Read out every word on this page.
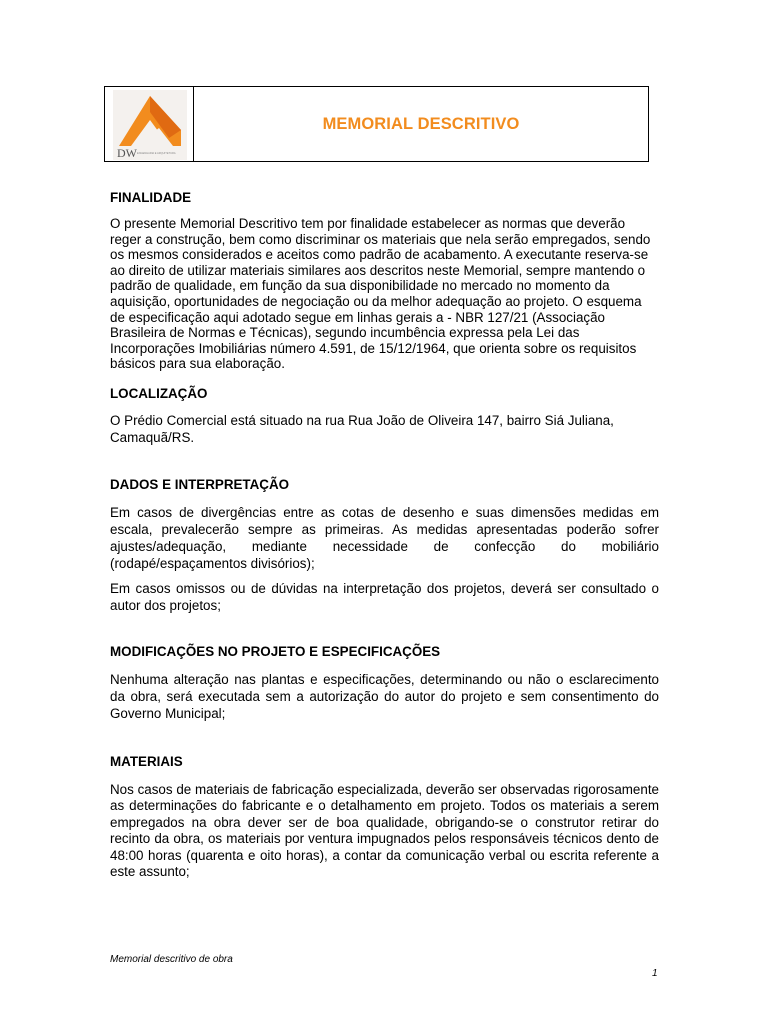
DW ENGENHARIA E ARQUITETURA
MEMORIAL DESCRITIVO
FINALIDADE

O presente Memorial Descritivo tem por finalidade estabelecer as normas que deverão reger a construção, bem como discriminar os materiais que nela serão empregados, sendo os mesmos considerados e aceitos como padrão de acabamento. A executante reserva-se ao direito de utilizar materiais similares aos descritos neste Memorial, sempre mantendo o padrão de qualidade, em função da sua disponibilidade no mercado no momento da aquisição, oportunidades de negociação ou da melhor adequação ao projeto. O esquema de especificação aqui adotado segue em linhas gerais a - NBR 127/21 (Associação Brasileira de Normas e Técnicas), segundo incumbência expressa pela Lei das Incorporações Imobiliárias número 4.591, de 15/12/1964, que orienta sobre os requisitos básicos para sua elaboração.

LOCALIZAÇÃO

O Prédio Comercial está situado na rua Rua João de Oliveira 147, bairro Siá Juliana, Camaquã/RS.

DADOS E INTERPRETAÇÃO

Em casos de divergências entre as cotas de desenho e suas dimensões medidas em escala, prevalecerão sempre as primeiras. As medidas apresentadas poderão sofrer ajustes/adequação, mediante necessidade de confecção do mobiliário (rodapé/espaçamentos divisórios);

Em casos omissos ou de dúvidas na interpretação dos projetos, deverá ser consultado o autor dos projetos;

MODIFICAÇÕES NO PROJETO E ESPECIFICAÇÕES

Nenhuma alteração nas plantas e especificações, determinando ou não o esclarecimento da obra, será executada sem a autorização do autor do projeto e sem consentimento do Governo Municipal;

MATERIAIS

Nos casos de materiais de fabricação especializada, deverão ser observadas rigorosamente as determinações do fabricante e o detalhamento em projeto. Todos os materiais a serem empregados na obra dever ser de boa qualidade, obrigando-se o construtor retirar do recinto da obra, os materiais por ventura impugnados pelos responsáveis técnicos dento de 48:00 horas (quarenta e oito horas), a contar da comunicação verbal ou escrita referente a este assunto;

Memorial descritivo de obra
1
